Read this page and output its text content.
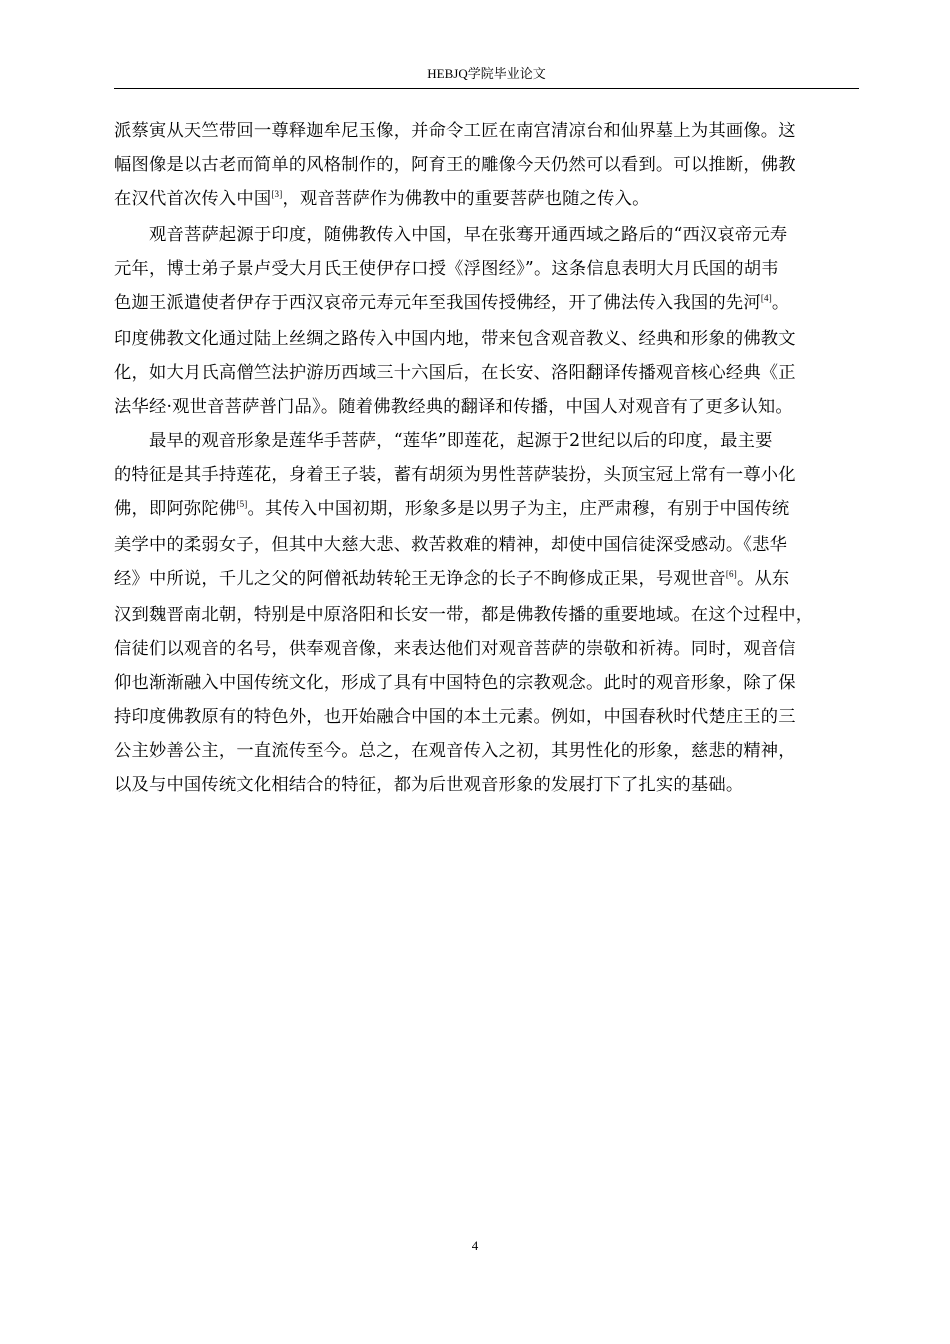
HEBJQ学院毕业论文

派蔡寅从天竺带回一尊释迦牟尼玉像，并命令工匠在南宫清凉台和仙界墓上为其画像。这
幅图像是以古老而简单的风格制作的，阿育王的雕像今天仍然可以看到。可以推断，佛教
在汉代首次传入中国[3]，观音菩萨作为佛教中的重要菩萨也随之传入。

观音菩萨起源于印度，随佛教传入中国，早在张骞开通西域之路后的“西汉哀帝元寿
元年，博士弟子景卢受大月氏王使伊存口授《浮图经》”。这条信息表明大月氏国的胡韦
色迦王派遣使者伊存于西汉哀帝元寿元年至我国传授佛经，开了佛法传入我国的先河[4]。
印度佛教文化通过陆上丝绸之路传入中国内地，带来包含观音教义、经典和形象的佛教文
化，如大月氏高僧竺法护游历西域三十六国后，在长安、洛阳翻译传播观音核心经典《正
法华经·观世音菩萨普门品》。随着佛教经典的翻译和传播，中国人对观音有了更多认知。

最早的观音形象是莲华手菩萨，“莲华”即莲花，起源于2世纪以后的印度，最主要
的特征是其手持莲花，身着王子装，蓄有胡须为男性菩萨装扮，头顶宝冠上常有一尊小化
佛，即阿弥陀佛[5]。其传入中国初期，形象多是以男子为主，庄严肃穆，有别于中国传统
美学中的柔弱女子，但其中大慈大悲、救苦救难的精神，却使中国信徒深受感动。《悲华
经》中所说，千儿之父的阿僧祇劫转轮王无诤念的长子不眴修成正果，号观世音[6]。从东
汉到魏晋南北朝，特别是中原洛阳和长安一带，都是佛教传播的重要地域。在这个过程中，
信徒们以观音的名号，供奉观音像，来表达他们对观音菩萨的崇敬和祈祷。同时，观音信
仰也渐渐融入中国传统文化，形成了具有中国特色的宗教观念。此时的观音形象，除了保
持印度佛教原有的特色外，也开始融合中国的本土元素。例如，中国春秋时代楚庄王的三
公主妙善公主，一直流传至今。总之，在观音传入之初，其男性化的形象，慈悲的精神，
以及与中国传统文化相结合的特征，都为后世观音形象的发展打下了扎实的基础。

4
